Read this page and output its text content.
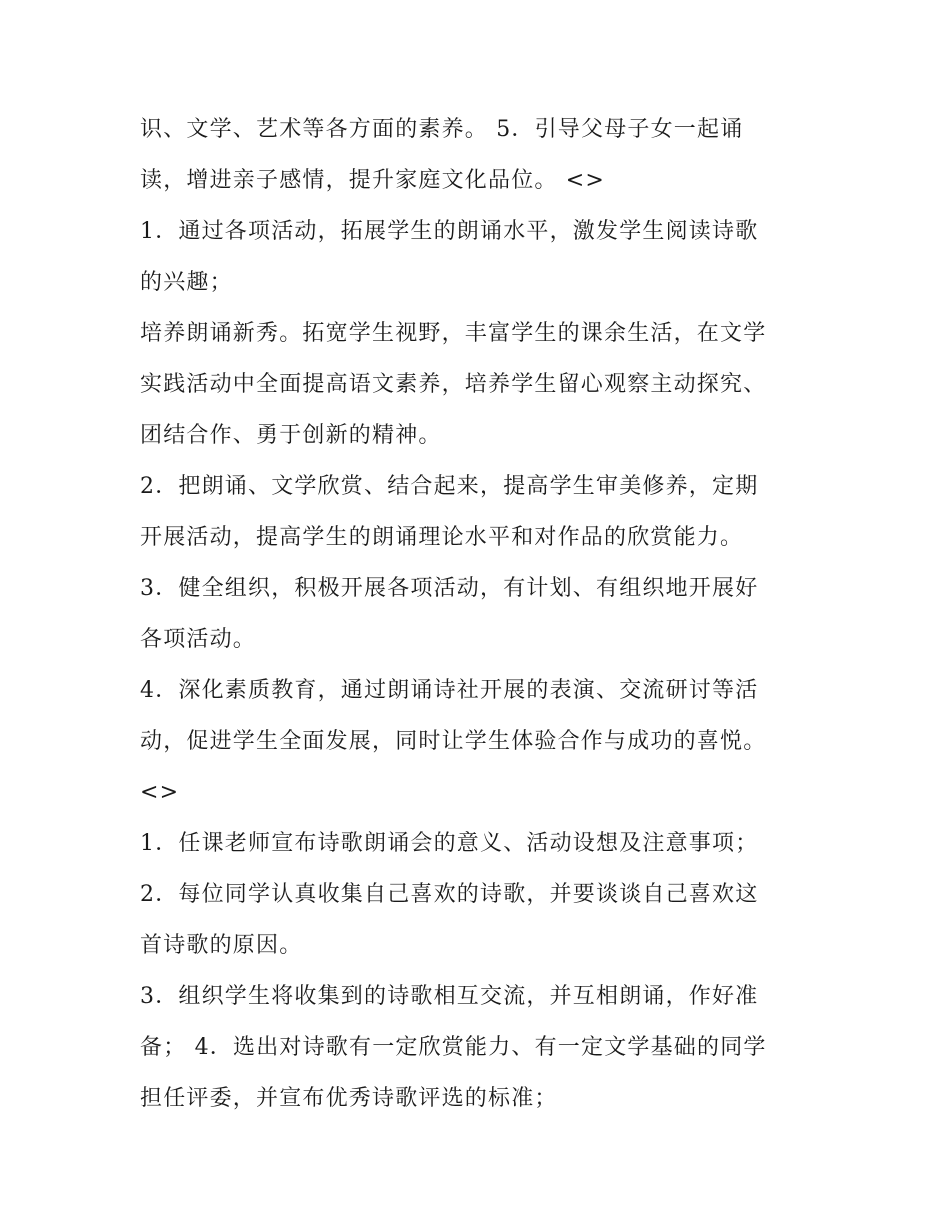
识、文学、艺术等各方面的素养。 5．引导父母子女一起诵
读，增进亲子感情，提升家庭文化品位。 <>
1．通过各项活动，拓展学生的朗诵水平，激发学生阅读诗歌
的兴趣；
培养朗诵新秀。拓宽学生视野，丰富学生的课余生活，在文学
实践活动中全面提高语文素养，培养学生留心观察主动探究、
团结合作、勇于创新的精神。
2．把朗诵、文学欣赏、结合起来，提高学生审美修养，定期
开展活动，提高学生的朗诵理论水平和对作品的欣赏能力。
3．健全组织，积极开展各项活动，有计划、有组织地开展好
各项活动。
4．深化素质教育，通过朗诵诗社开展的表演、交流研讨等活
动，促进学生全面发展，同时让学生体验合作与成功的喜悦。
<>
1．任课老师宣布诗歌朗诵会的意义、活动设想及注意事项；
2．每位同学认真收集自己喜欢的诗歌，并要谈谈自己喜欢这
首诗歌的原因。
3．组织学生将收集到的诗歌相互交流，并互相朗诵，作好准
备； 4．选出对诗歌有一定欣赏能力、有一定文学基础的同学
担任评委，并宣布优秀诗歌评选的标准；
